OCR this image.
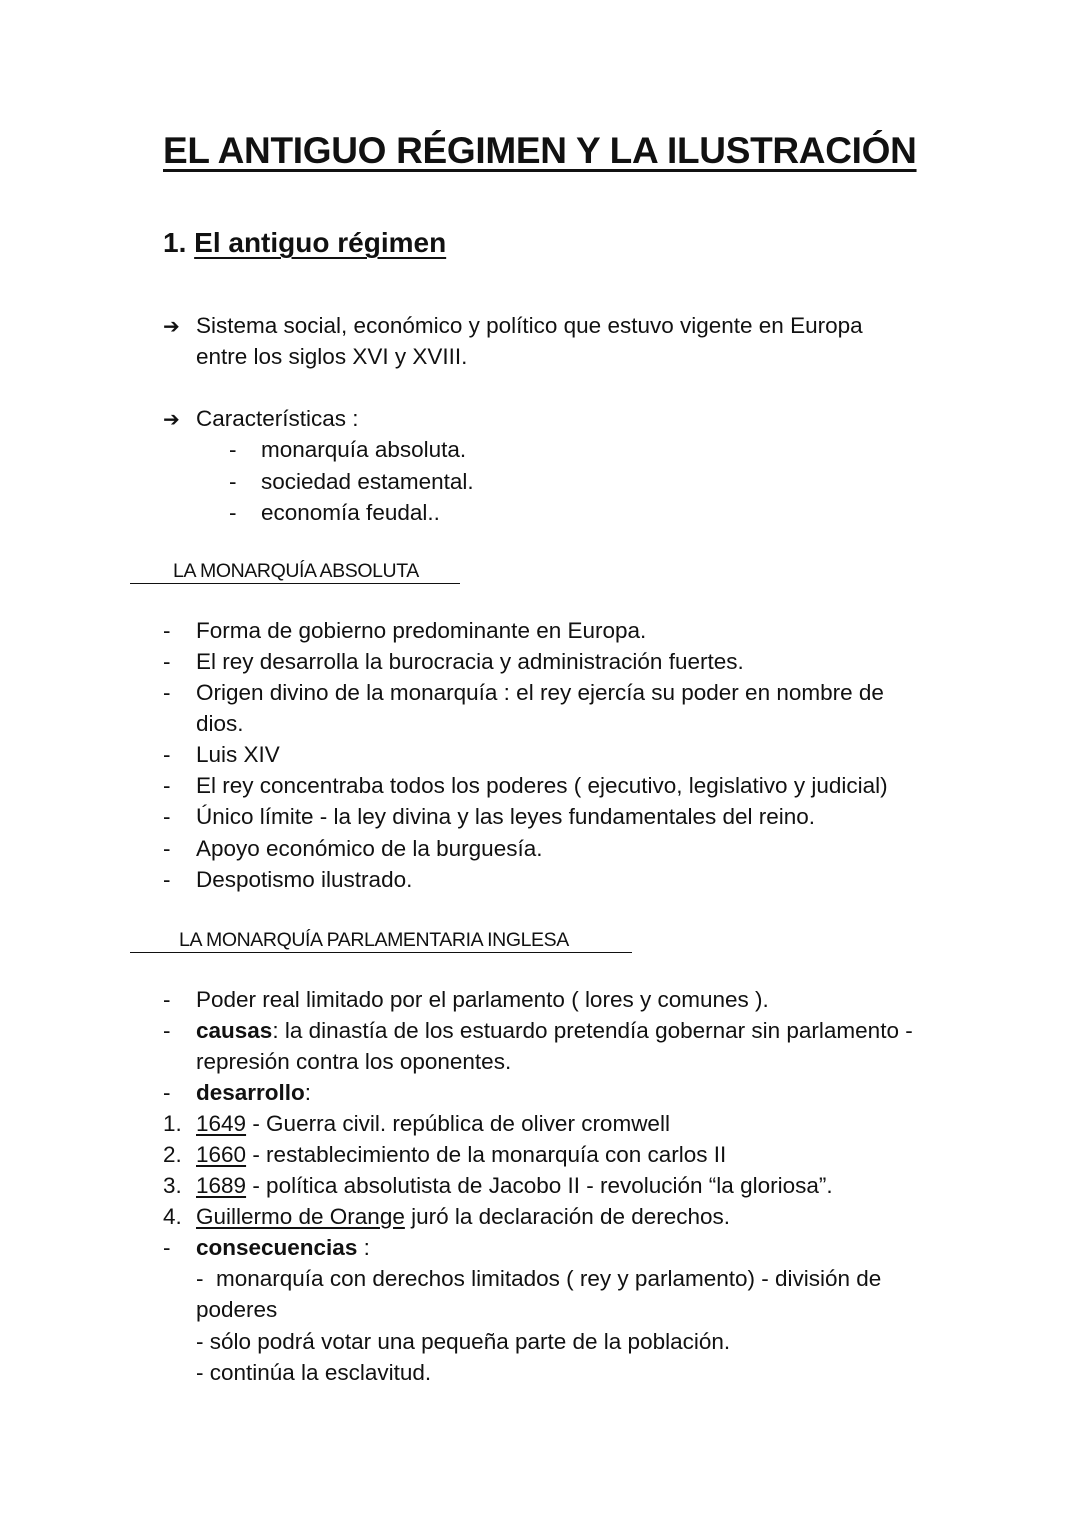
EL ANTIGUO RÉGIMEN Y LA ILUSTRACIÓN
1. El antiguo régimen
➔ Sistema social, económico y político que estuvo vigente en Europa
entre los siglos XVI y XVIII.
➔ Características :
- monarquía absoluta.
- sociedad estamental.
- economía feudal..
LA MONARQUÍA ABSOLUTA
- Forma de gobierno predominante en Europa.
- El rey desarrolla la burocracia y administración fuertes.
- Origen divino de la monarquía : el rey ejercía su poder en nombre de
dios.
- Luis XIV
- El rey concentraba todos los poderes ( ejecutivo, legislativo y judicial)
- Único límite - la ley divina y las leyes fundamentales del reino.
- Apoyo económico de la burguesía.
- Despotismo ilustrado.
LA MONARQUÍA PARLAMENTARIA INGLESA
- Poder real limitado por el parlamento ( lores y comunes ).
- causas: la dinastía de los estuardo pretendía gobernar sin parlamento -
represión contra los oponentes.
- desarrollo:
1. 1649 - Guerra civil. república de oliver cromwell
2. 1660 - restablecimiento de la monarquía con carlos II
3. 1689 - política absolutista de Jacobo II - revolución “la gloriosa”.
4. Guillermo de Orange juró la declaración de derechos.
- consecuencias :
-  monarquía con derechos limitados ( rey y parlamento) - división de
poderes
- sólo podrá votar una pequeña parte de la población.
- continúa la esclavitud.
